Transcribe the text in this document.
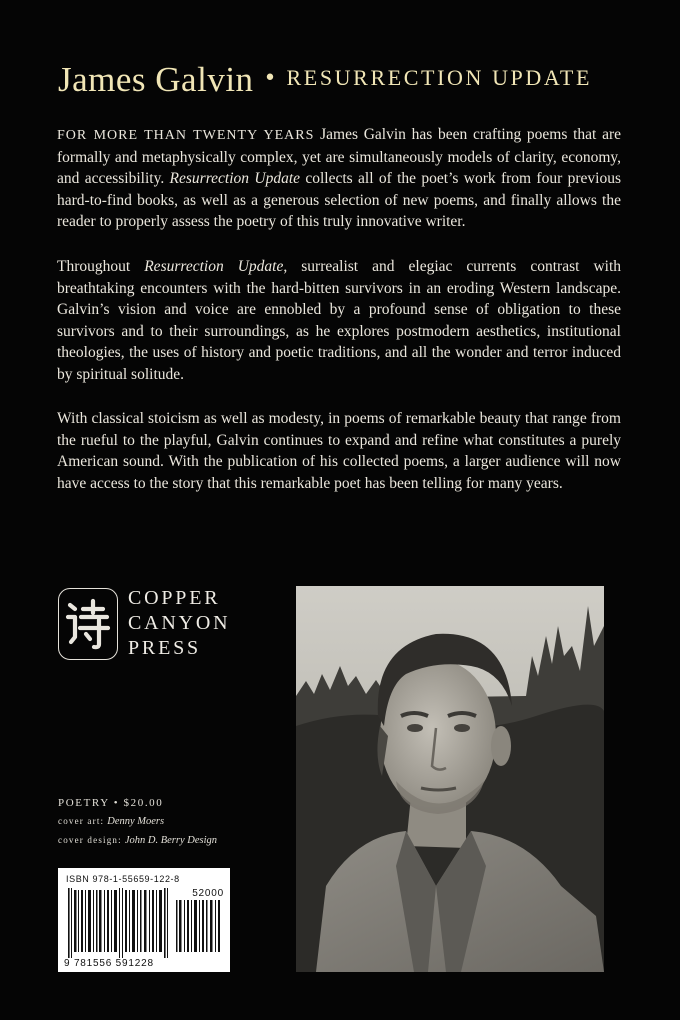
James Galvin • RESURRECTION UPDATE

FOR MORE THAN TWENTY YEARS James Galvin has been crafting poems that are formally and metaphysically complex, yet are simultaneously models of clarity, economy, and accessibility. Resurrection Update collects all of the poet’s work from four previous hard-to-find books, as well as a generous selection of new poems, and finally allows the reader to properly assess the poetry of this truly innovative writer.

Throughout Resurrection Update, surrealist and elegiac currents contrast with breathtaking encounters with the hard-bitten survivors in an eroding Western landscape. Galvin’s vision and voice are ennobled by a profound sense of obligation to these survivors and to their surroundings, as he explores postmodern aesthetics, institutional theologies, the uses of history and poetic traditions, and all the wonder and terror induced by spiritual solitude.

With classical stoicism as well as modesty, in poems of remarkable beauty that range from the rueful to the playful, Galvin continues to expand and refine what constitutes a purely American sound. With the publication of his collected poems, a larger audience will now have access to the story that this remarkable poet has been telling for many years.

COPPER
CANYON
PRESS
POETRY • $20.00
cover art: Denny Moers
cover design: John D. Berry Design
ISBN 978-1-55659-122-8
52000
9 781556 591228
